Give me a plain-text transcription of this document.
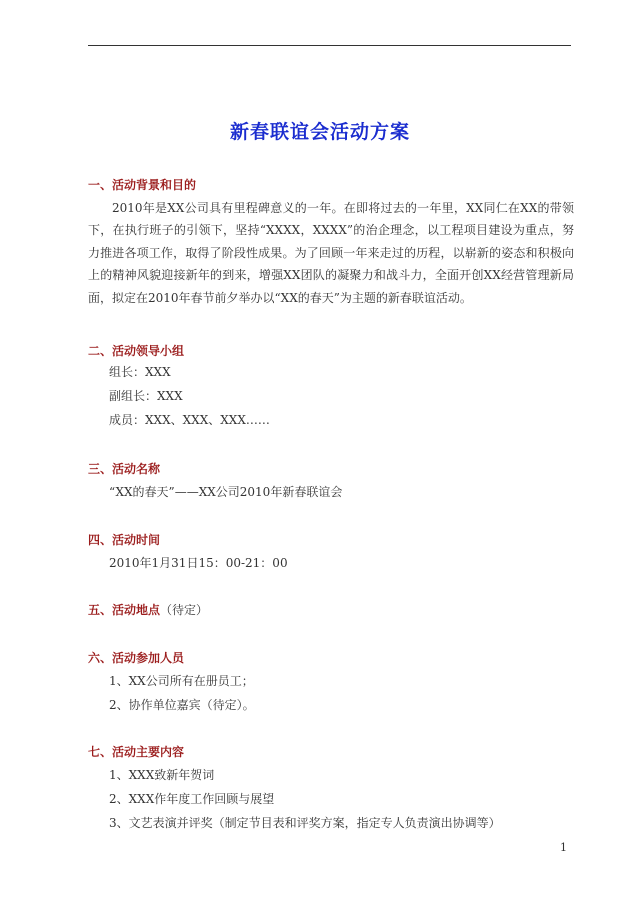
新春联谊会活动方案
一、活动背景和目的

2010年是XX公司具有里程碑意义的一年。在即将过去的一年里，XX同仁在XX的带领下，在执行班子的引领下，坚持“XXXX，XXXX”的治企理念，以工程项目建设为重点，努力推进各项工作，取得了阶段性成果。为了回顾一年来走过的历程，以崭新的姿态和积极向上的精神风貌迎接新年的到来，增强XX团队的凝聚力和战斗力，全面开创XX经营管理新局面，拟定在2010年春节前夕举办以“XX的春天”为主题的新春联谊活动。

二、活动领导小组
组长：XXX
副组长：XXX
成员：XXX、XXX、XXX……
三、活动名称
“XX的春天”——XX公司2010年新春联谊会
四、活动时间
2010年1月31日15：00-21：00
五、活动地点（待定）
六、活动参加人员
1、XX公司所有在册员工；
2、协作单位嘉宾（待定）。
七、活动主要内容
1、XXX致新年贺词
2、XXX作年度工作回顾与展望
3、文艺表演并评奖（制定节目表和评奖方案，指定专人负责演出协调等）
1
